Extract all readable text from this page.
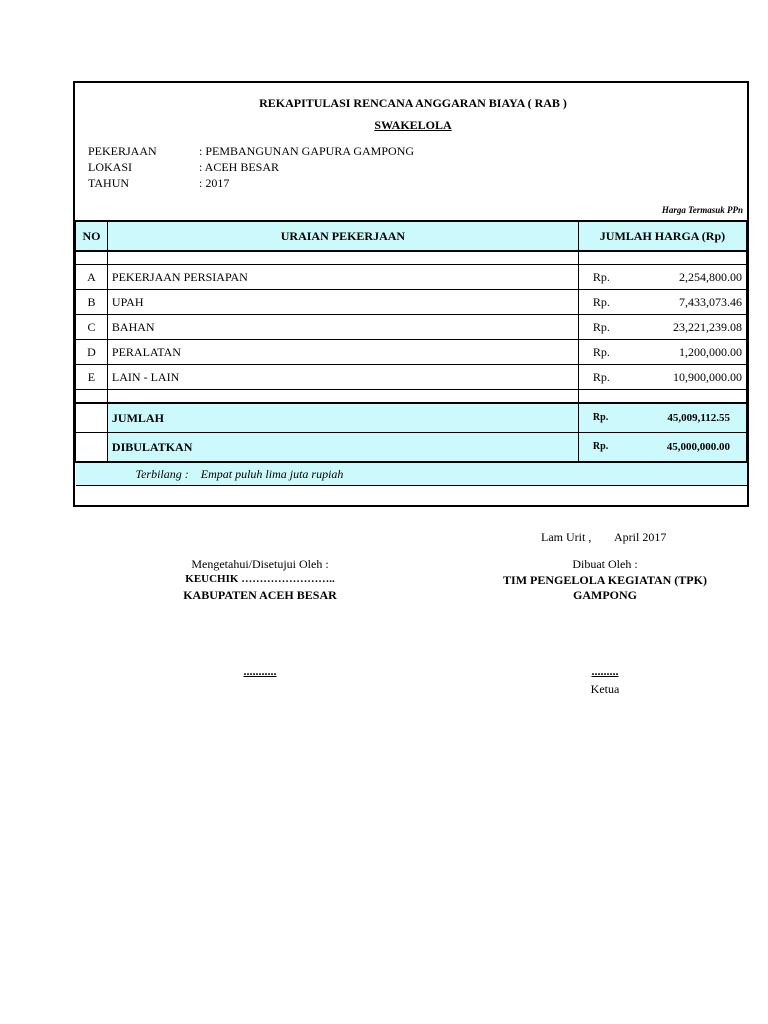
REKAPITULASI RENCANA ANGGARAN BIAYA ( RAB )
SWAKELOLA
PEKERJAAN	: PEMBANGUNAN GAPURA GAMPONG
LOKASI	: ACEH BESAR
TAHUN	: 2017
Harga Termasuk PPn
NO	URAIAN PEKERJAAN	JUMLAH HARGA (Rp)

A	PEKERJAAN PERSIAPAN	Rp. 2,254,800.00

B	UPAH	Rp. 7,433,073.46

C	BAHAN	Rp. 23,221,239.08

D	PERALATAN	Rp. 1,200,000.00

E	LAIN - LAIN	Rp. 10,900,000.00

	JUMLAH	Rp. 45,009,112.55

	DIBULATKAN	Rp. 45,000,000.00

Terbilang : Empat puluh lima juta rupiah		

Lam Urit , April 2017
Mengetahui/Disetujui Oleh :
KEUCHIK ……………………..
KABUPATEN ACEH BESAR
...........
Dibuat Oleh :
TIM PENGELOLA KEGIATAN (TPK)
GAMPONG
.........
Ketua
